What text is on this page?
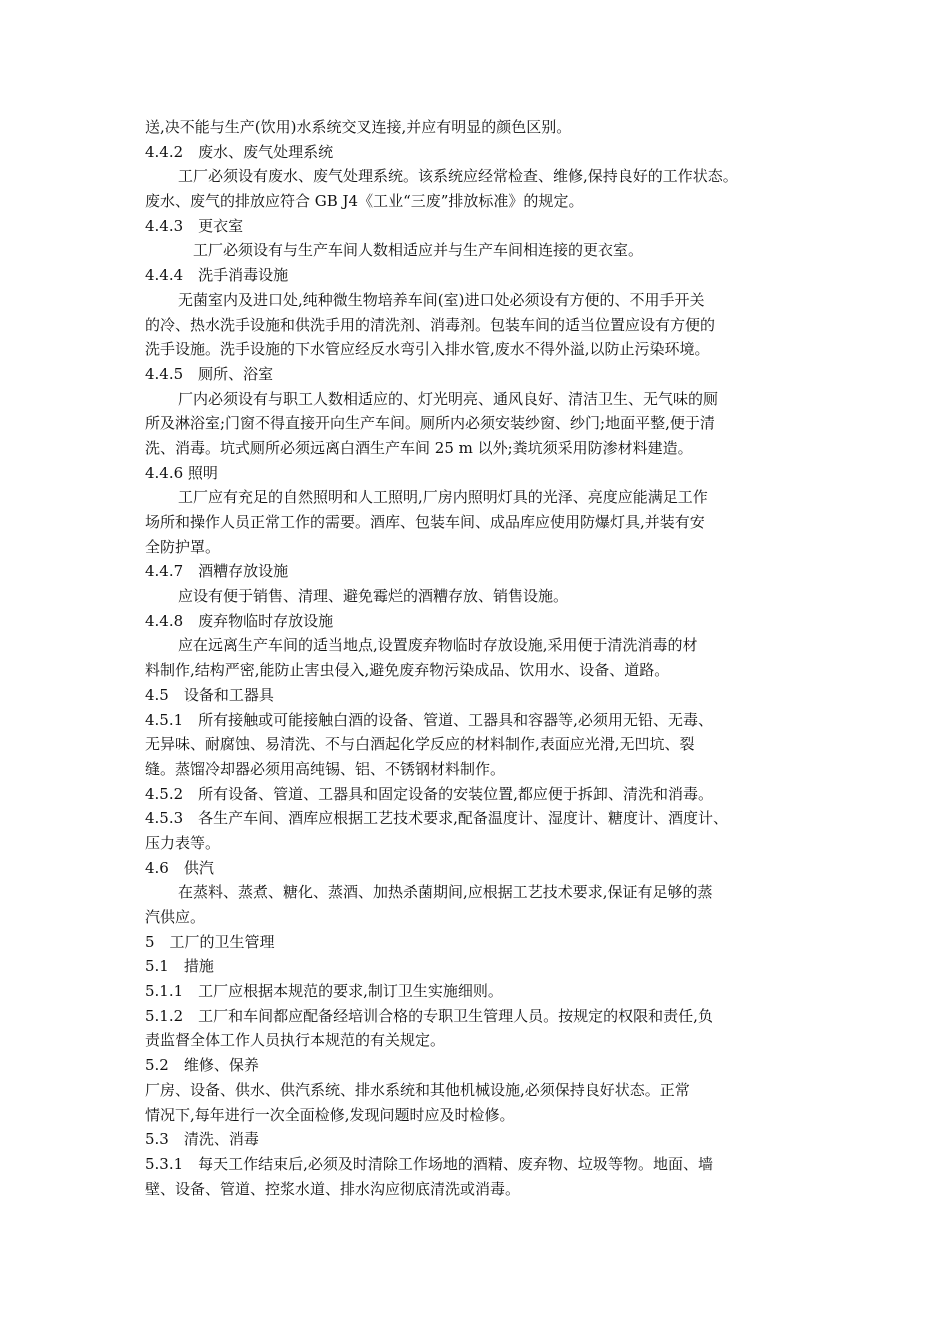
送,决不能与生产(饮用)水系统交叉连接,并应有明显的颜色区别。
4.4.2　废水、废气处理系统
工厂必须设有废水、废气处理系统。该系统应经常检查、维修,保持良好的工作状态。
废水、废气的排放应符合 GB J4《工业“三废”排放标准》的规定。
4.4.3　更衣室
工厂必须设有与生产车间人数相适应并与生产车间相连接的更衣室。
4.4.4　洗手消毒设施
无菌室内及进口处,纯种微生物培养车间(室)进口处必须设有方便的、不用手开关
的冷、热水洗手设施和供洗手用的清洗剂、消毒剂。包装车间的适当位置应设有方便的
洗手设施。洗手设施的下水管应经反水弯引入排水管,废水不得外溢,以防止污染环境。
4.4.5　厕所、浴室
厂内必须设有与职工人数相适应的、灯光明亮、通风良好、清洁卫生、无气味的厕
所及淋浴室;门窗不得直接开向生产车间。厕所内必须安装纱窗、纱门;地面平整,便于清
洗、消毒。坑式厕所必须远离白酒生产车间 25 m 以外;粪坑须采用防渗材料建造。
4.4.6 照明
工厂应有充足的自然照明和人工照明,厂房内照明灯具的光泽、亮度应能满足工作
场所和操作人员正常工作的需要。酒库、包装车间、成品库应使用防爆灯具,并装有安
全防护罩。
4.4.7　酒糟存放设施
应设有便于销售、清理、避免霉烂的酒糟存放、销售设施。
4.4.8　废弃物临时存放设施
应在远离生产车间的适当地点,设置废弃物临时存放设施,采用便于清洗消毒的材
料制作,结构严密,能防止害虫侵入,避免废弃物污染成品、饮用水、设备、道路。
4.5　设备和工器具
4.5.1　所有接触或可能接触白酒的设备、管道、工器具和容器等,必须用无铅、无毒、
无异味、耐腐蚀、易清洗、不与白酒起化学反应的材料制作,表面应光滑,无凹坑、裂
缝。蒸馏冷却器必须用高纯锡、铝、不锈钢材料制作。
4.5.2　所有设备、管道、工器具和固定设备的安装位置,都应便于拆卸、清洗和消毒。
4.5.3　各生产车间、酒库应根据工艺技术要求,配备温度计、湿度计、糖度计、酒度计、
压力表等。
4.6　供汽
在蒸料、蒸煮、糖化、蒸酒、加热杀菌期间,应根据工艺技术要求,保证有足够的蒸
汽供应。
5　工厂的卫生管理
5.1　措施
5.1.1　工厂应根据本规范的要求,制订卫生实施细则。
5.1.2　工厂和车间都应配备经培训合格的专职卫生管理人员。按规定的权限和责任,负
责监督全体工作人员执行本规范的有关规定。
5.2　维修、保养
厂房、设备、供水、供汽系统、排水系统和其他机械设施,必须保持良好状态。正常
情况下,每年进行一次全面检修,发现问题时应及时检修。
5.3　清洗、消毒
5.3.1　每天工作结束后,必须及时清除工作场地的酒精、废弃物、垃圾等物。地面、墙
壁、设备、管道、控浆水道、排水沟应彻底清洗或消毒。
